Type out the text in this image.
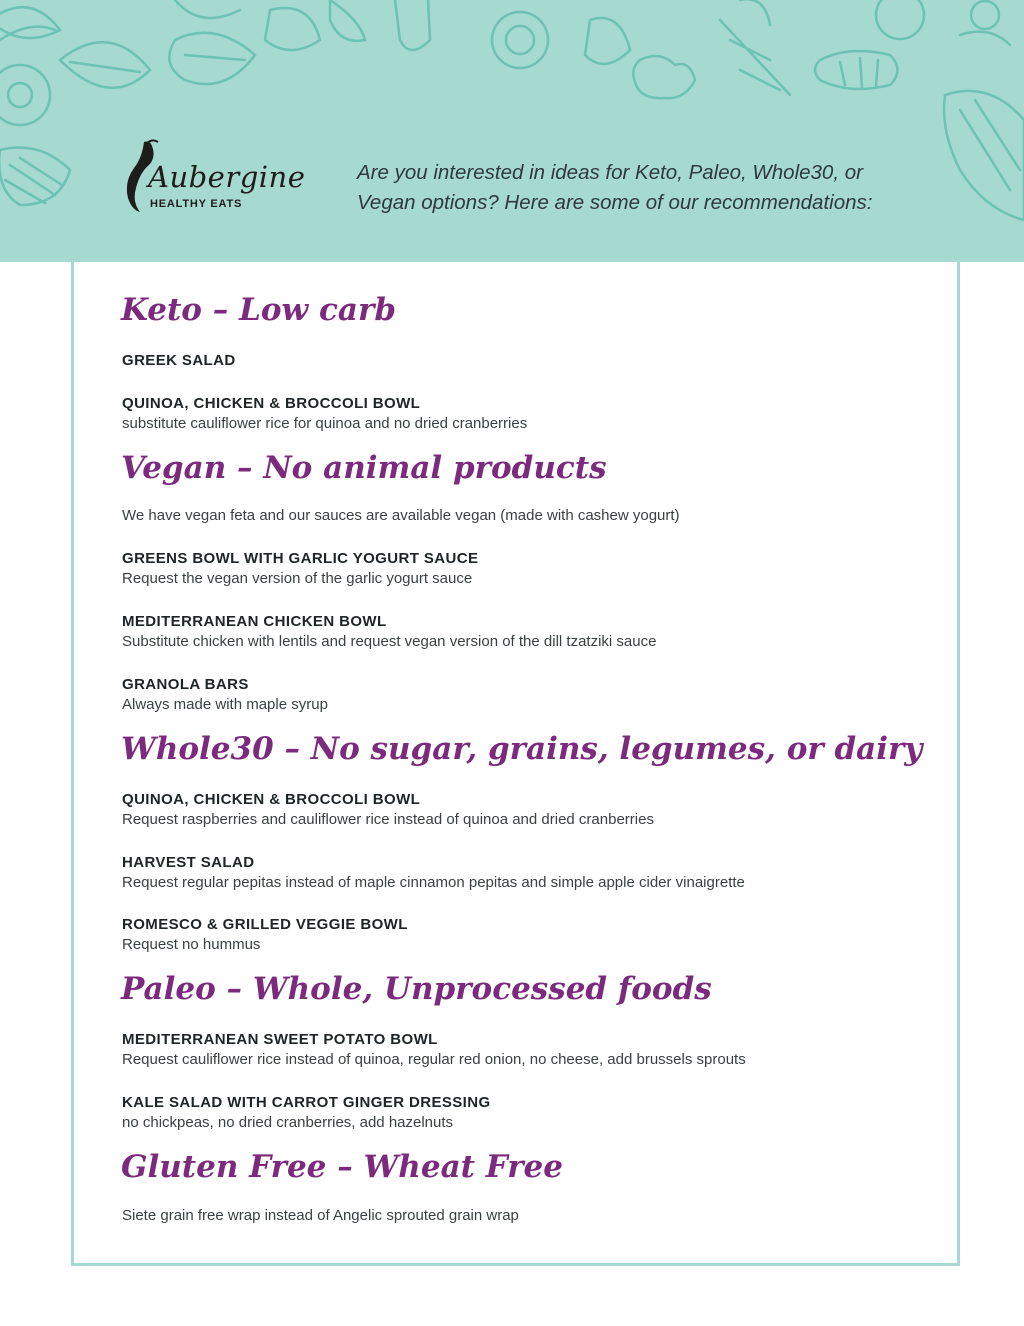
Aubergine
HEALTHY EATS
Are you interested in ideas for Keto, Paleo, Whole30, or
Vegan options? Here are some of our recommendations:
Keto – Low carb
GREEK SALAD
QUINOA, CHICKEN & BROCCOLI BOWL
substitute cauliflower rice for quinoa and no dried cranberries
Vegan – No animal products
We have vegan feta and our sauces are available vegan (made with cashew yogurt)
GREENS BOWL WITH GARLIC YOGURT SAUCE
Request the vegan version of the garlic yogurt sauce
MEDITERRANEAN CHICKEN BOWL
Substitute chicken with lentils and request vegan version of the dill tzatziki sauce
GRANOLA BARS
Always made with maple syrup
Whole30 – No sugar, grains, legumes, or dairy
QUINOA, CHICKEN & BROCCOLI BOWL
Request raspberries and cauliflower rice instead of quinoa and dried cranberries
HARVEST SALAD
Request regular pepitas instead of maple cinnamon pepitas and simple apple cider vinaigrette
ROMESCO & GRILLED VEGGIE BOWL
Request no hummus
Paleo – Whole, Unprocessed foods
MEDITERRANEAN SWEET POTATO BOWL
Request cauliflower rice instead of quinoa, regular red onion, no cheese, add brussels sprouts
KALE SALAD WITH CARROT GINGER DRESSING
no chickpeas, no dried cranberries, add hazelnuts
Gluten Free – Wheat Free
Siete grain free wrap instead of Angelic sprouted grain wrap
